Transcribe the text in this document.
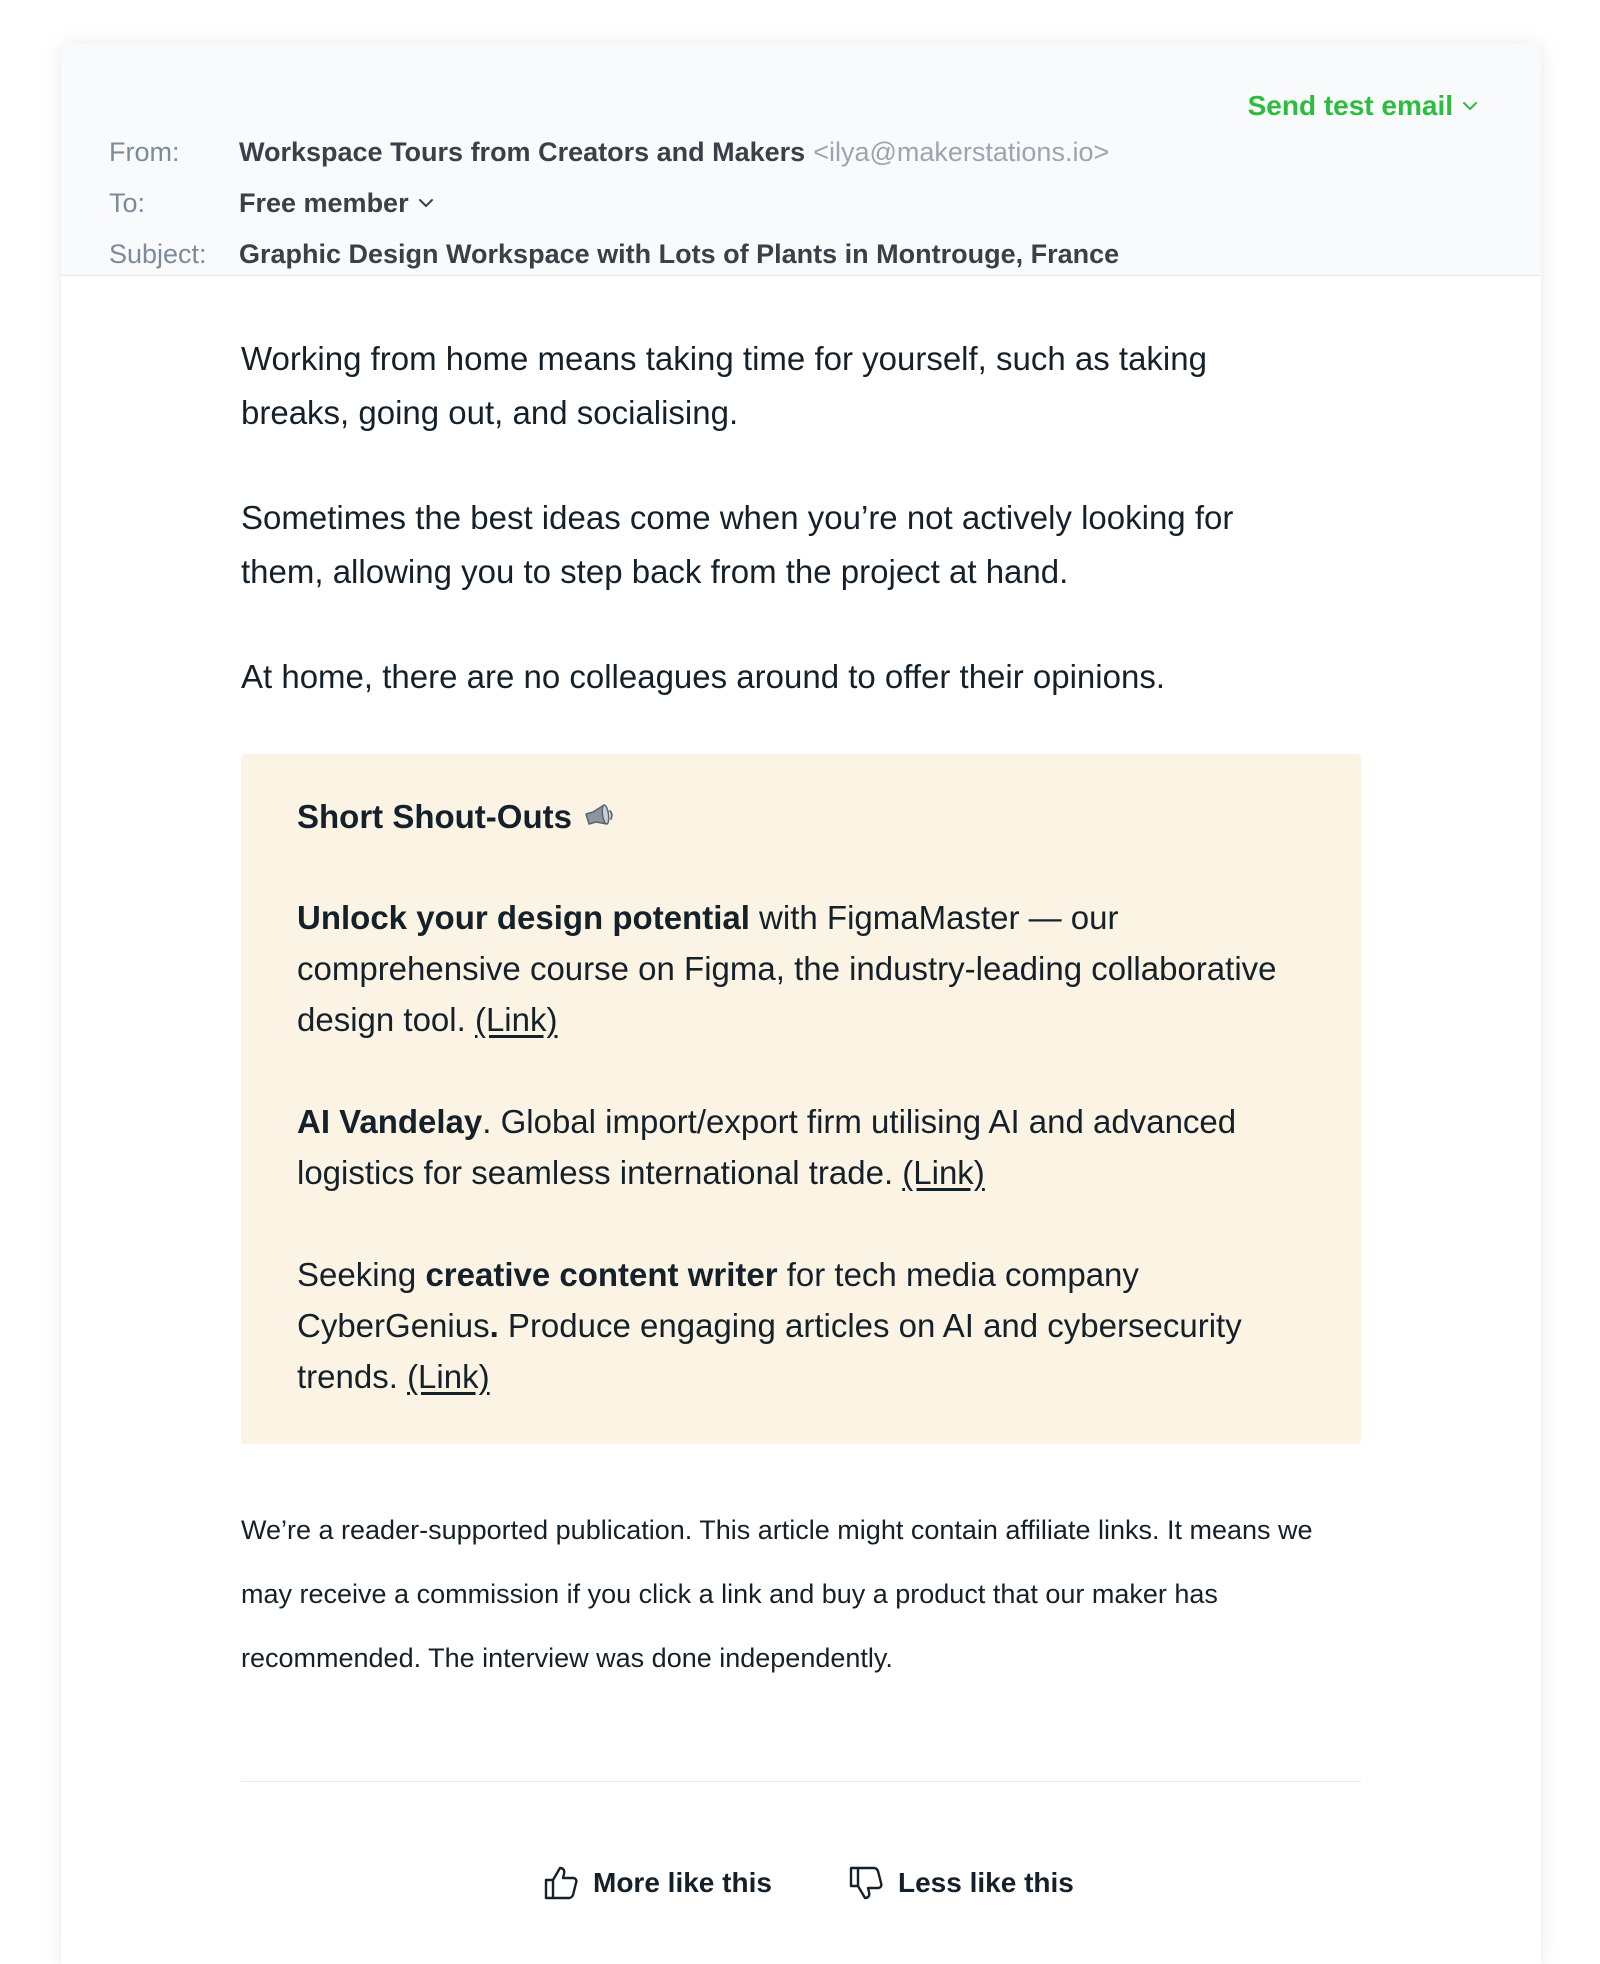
From:	Workspace Tours from Creators and Makers <ilya@makerstations.io>
To:	Free member
Subject:	Graphic Design Workspace with Lots of Plants in Montrouge, France
Send test email

Working from home means taking time for yourself, such as taking breaks, going out, and socialising.

Sometimes the best ideas come when you’re not actively looking for them, allowing you to step back from the project at hand.

At home, there are no colleagues around to offer their opinions.

Short Shout-Outs

Unlock your design potential with FigmaMaster — our comprehensive course on Figma, the industry-leading collaborative design tool. (Link)

AI Vandelay. Global import/export firm utilising AI and advanced logistics for seamless international trade. (Link)

Seeking creative content writer for tech media company CyberGenius. Produce engaging articles on AI and cybersecurity trends. (Link)

We’re a reader-supported publication. This article might contain affiliate links. It means we may receive a commission if you click a link and buy a product that our maker has recommended. The interview was done independently.

More like this	Less like this
